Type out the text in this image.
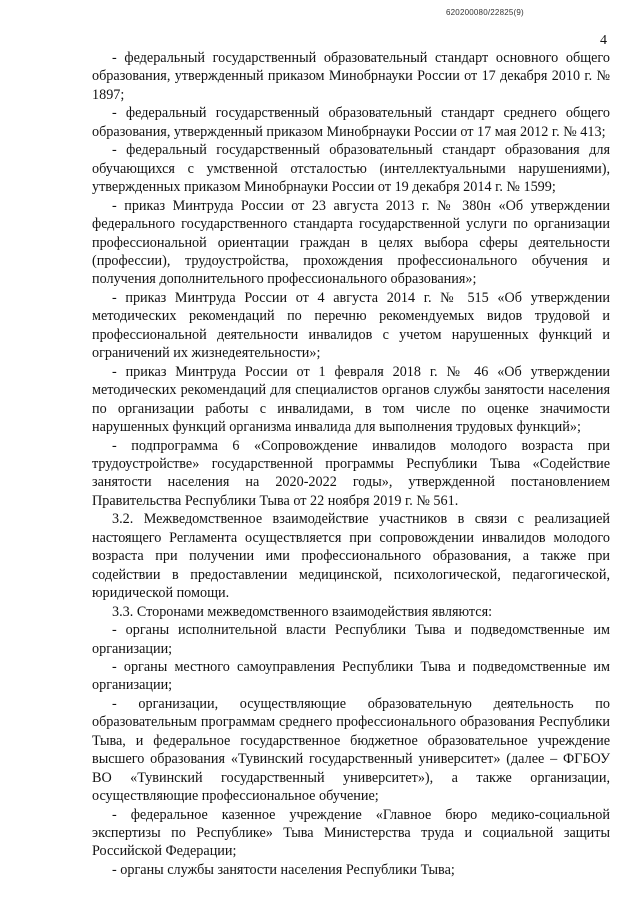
620200080/22825(9)
4

- федеральный государственный образовательный стандарт основного общего образования, утвержденный приказом Минобрнауки России от 17 декабря 2010 г. № 1897;

- федеральный государственный образовательный стандарт среднего общего образования, утвержденный приказом Минобрнауки России от 17 мая 2012 г. № 413;

- федеральный государственный образовательный стандарт образования для обучающихся с умственной отсталостью (интеллектуальными нарушениями), утвержденных приказом Минобрнауки России от 19 декабря 2014 г. № 1599;

- приказ Минтруда России от 23 августа 2013 г. № 380н «Об утверждении федерального государственного стандарта государственной услуги по организации профессиональной ориентации граждан в целях выбора сферы деятельности (профессии), трудоустройства, прохождения профессионального обучения и получения дополнительного профессионального образования»;

- приказ Минтруда России от 4 августа 2014 г. № 515 «Об утверждении методических рекомендаций по перечню рекомендуемых видов трудовой и профессиональной деятельности инвалидов с учетом нарушенных функций и ограничений их жизнедеятельности»;

- приказ Минтруда России от 1 февраля 2018 г. № 46 «Об утверждении методических рекомендаций для специалистов органов службы занятости населения по организации работы с инвалидами, в том числе по оценке значимости нарушенных функций организма инвалида для выполнения трудовых функций»;

- подпрограмма 6 «Сопровождение инвалидов молодого возраста при трудоустройстве» государственной программы Республики Тыва «Содействие занятости населения на 2020-2022 годы», утвержденной постановлением Правительства Республики Тыва от 22 ноября 2019 г. № 561.

3.2. Межведомственное взаимодействие участников в связи с реализацией настоящего Регламента осуществляется при сопровождении инвалидов молодого возраста при получении ими профессионального образования, а также при содействии в предоставлении медицинской, психологической, педагогической, юридической помощи.

3.3. Сторонами межведомственного взаимодействия являются:

- органы исполнительной власти Республики Тыва и подведомственные им организации;

- органы местного самоуправления Республики Тыва и подведомственные им организации;

- организации, осуществляющие образовательную деятельность по образовательным программам среднего профессионального образования Республики Тыва, и федеральное государственное бюджетное образовательное учреждение высшего образования «Тувинский государственный университет» (далее – ФГБОУ ВО «Тувинский государственный университет»), а также организации, осуществляющие профессиональное обучение;

- федеральное казенное учреждение «Главное бюро медико-социальной экспертизы по Республике» Тыва Министерства труда и социальной защиты Российской Федерации;

- органы службы занятости населения Республики Тыва;
